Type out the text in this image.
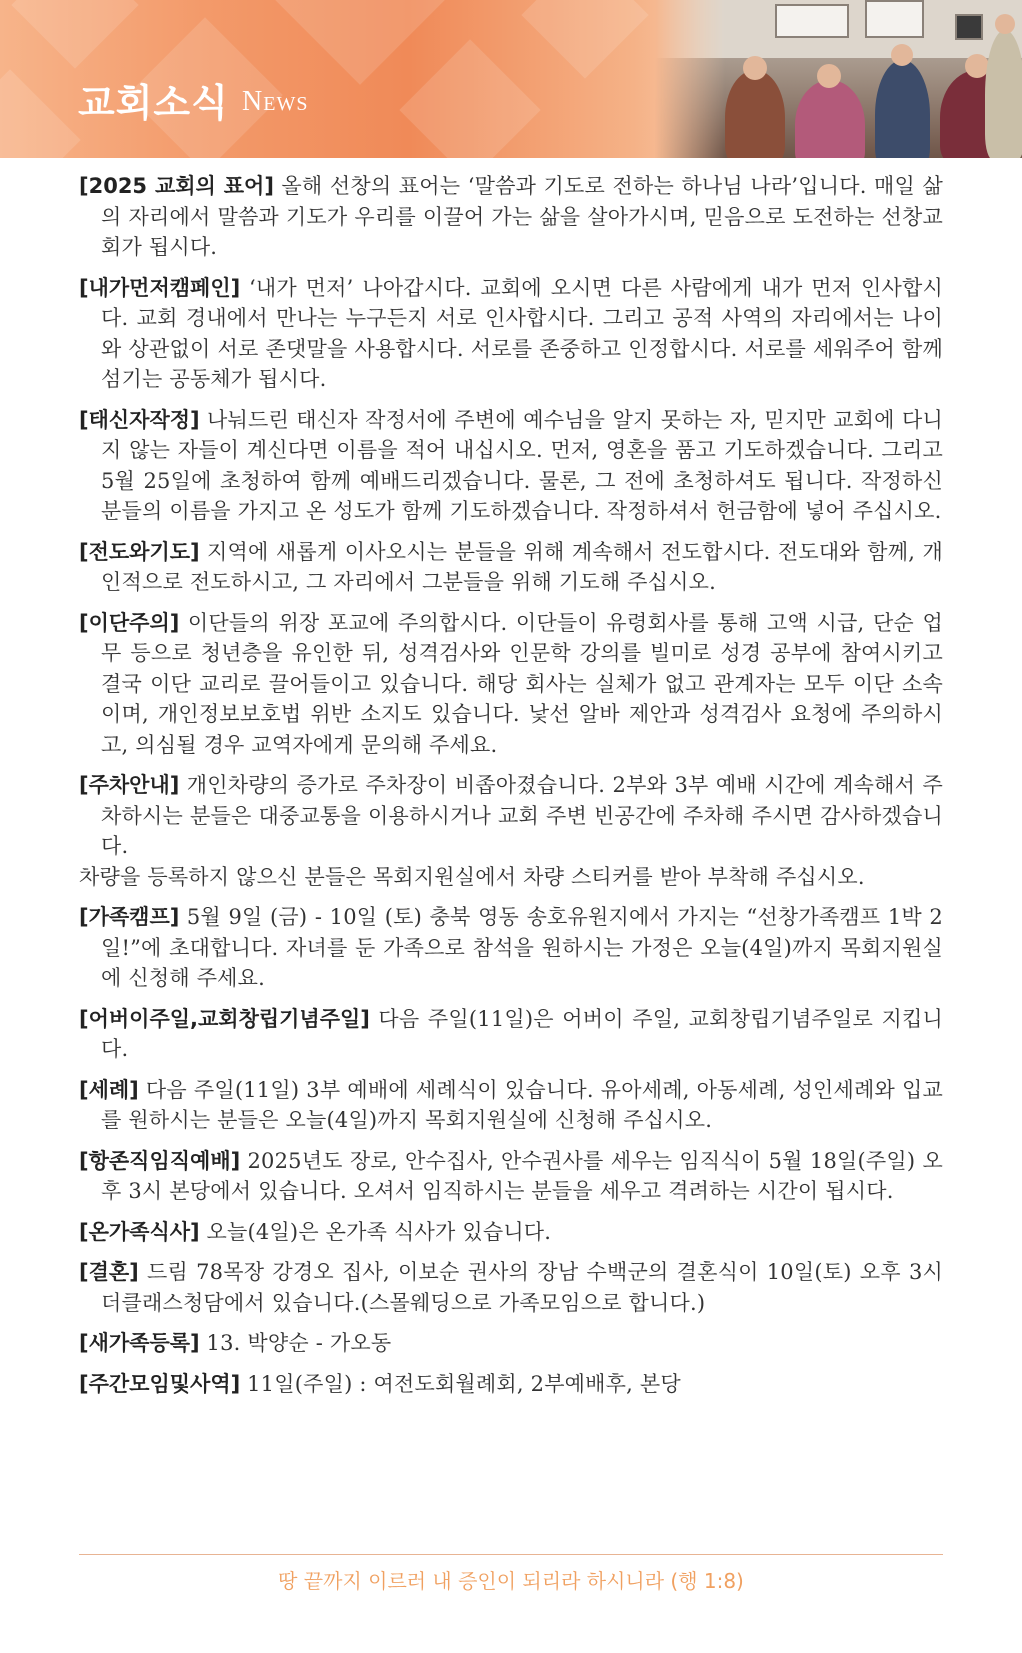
교회소식 News
[2025 교회의 표어] 올해 선창의 표어는 ‘말씀과 기도로 전하는 하나님 나라’입니다. 매일 삶의 자리에서 말씀과 기도가 우리를 이끌어 가는 삶을 살아가시며, 믿음으로 도전하는 선창교회가 됩시다.
[내가먼저캠페인] ‘내가 먼저’ 나아갑시다. 교회에 오시면 다른 사람에게 내가 먼저 인사합시다. 교회 경내에서 만나는 누구든지 서로 인사합시다. 그리고 공적 사역의 자리에서는 나이와 상관없이 서로 존댓말을 사용합시다. 서로를 존중하고 인정합시다. 서로를 세워주어 함께 섬기는 공동체가 됩시다.
[태신자작정] 나눠드린 태신자 작정서에 주변에 예수님을 알지 못하는 자, 믿지만 교회에 다니지 않는 자들이 계신다면 이름을 적어 내십시오. 먼저, 영혼을 품고 기도하겠습니다. 그리고 5월 25일에 초청하여 함께 예배드리겠습니다. 물론, 그 전에 초청하셔도 됩니다. 작정하신 분들의 이름을 가지고 온 성도가 함께 기도하겠습니다. 작정하셔서 헌금함에 넣어 주십시오.
[전도와기도] 지역에 새롭게 이사오시는 분들을 위해 계속해서 전도합시다. 전도대와 함께, 개인적으로 전도하시고, 그 자리에서 그분들을 위해 기도해 주십시오.
[이단주의] 이단들의 위장 포교에 주의합시다. 이단들이 유령회사를 통해 고액 시급, 단순 업무 등으로 청년층을 유인한 뒤, 성격검사와 인문학 강의를 빌미로 성경 공부에 참여시키고 결국 이단 교리로 끌어들이고 있습니다. 해당 회사는 실체가 없고 관계자는 모두 이단 소속이며, 개인정보보호법 위반 소지도 있습니다. 낯선 알바 제안과 성격검사 요청에 주의하시고, 의심될 경우 교역자에게 문의해 주세요.
[주차안내] 개인차량의 증가로 주차장이 비좁아졌습니다. 2부와 3부 예배 시간에 계속해서 주차하시는 분들은 대중교통을 이용하시거나 교회 주변 빈공간에 주차해 주시면 감사하겠습니다.
차량을 등록하지 않으신 분들은 목회지원실에서 차량 스티커를 받아 부착해 주십시오.
[가족캠프] 5월 9일 (금) - 10일 (토) 충북 영동 송호유원지에서 가지는 “선창가족캠프 1박 2일!”에 초대합니다. 자녀를 둔 가족으로 참석을 원하시는 가정은 오늘(4일)까지 목회지원실에 신청해 주세요.
[어버이주일,교회창립기념주일] 다음 주일(11일)은 어버이 주일, 교회창립기념주일로 지킵니다.
[세례] 다음 주일(11일) 3부 예배에 세례식이 있습니다. 유아세례, 아동세례, 성인세례와 입교를 원하시는 분들은 오늘(4일)까지 목회지원실에 신청해 주십시오.
[항존직임직예배] 2025년도 장로, 안수집사, 안수권사를 세우는 임직식이 5월 18일(주일) 오후 3시 본당에서 있습니다. 오셔서 임직하시는 분들을 세우고 격려하는 시간이 됩시다.
[온가족식사] 오늘(4일)은 온가족 식사가 있습니다.
[결혼] 드림 78목장 강경오 집사, 이보순 권사의 장남 수백군의 결혼식이 10일(토) 오후 3시 더클래스청담에서 있습니다.(스몰웨딩으로 가족모임으로 합니다.)
[새가족등록] 13. 박양순 - 가오동
[주간모임및사역] 11일(주일) : 여전도회월례회, 2부예배후, 본당
땅 끝까지 이르러 내 증인이 되리라 하시니라 (행 1:8)
